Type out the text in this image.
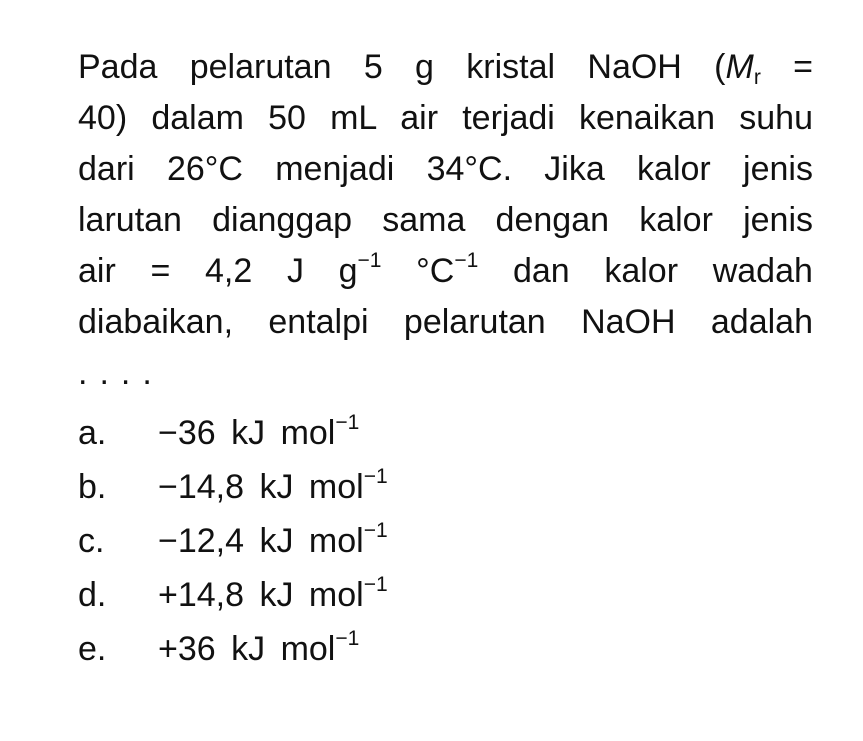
Pada pelarutan 5 g kristal NaOH ($M_r$ =
40) dalam 50 mL air terjadi kenaikan suhu
dari 26°C menjadi 34°C. Jika kalor jenis
larutan dianggap sama dengan kalor jenis
air = 4,2 J $g^{-1}$ $^\circ C^{-1}$ dan kalor wadah
diabaikan, entalpi pelarutan NaOH adalah
....
a.	−36 kJ mol$^{-1}$
b.	−14,8 kJ mol$^{-1}$
c.	−12,4 kJ mol$^{-1}$
d.	+14,8 kJ mol$^{-1}$
e.	+36 kJ mol$^{-1}$
